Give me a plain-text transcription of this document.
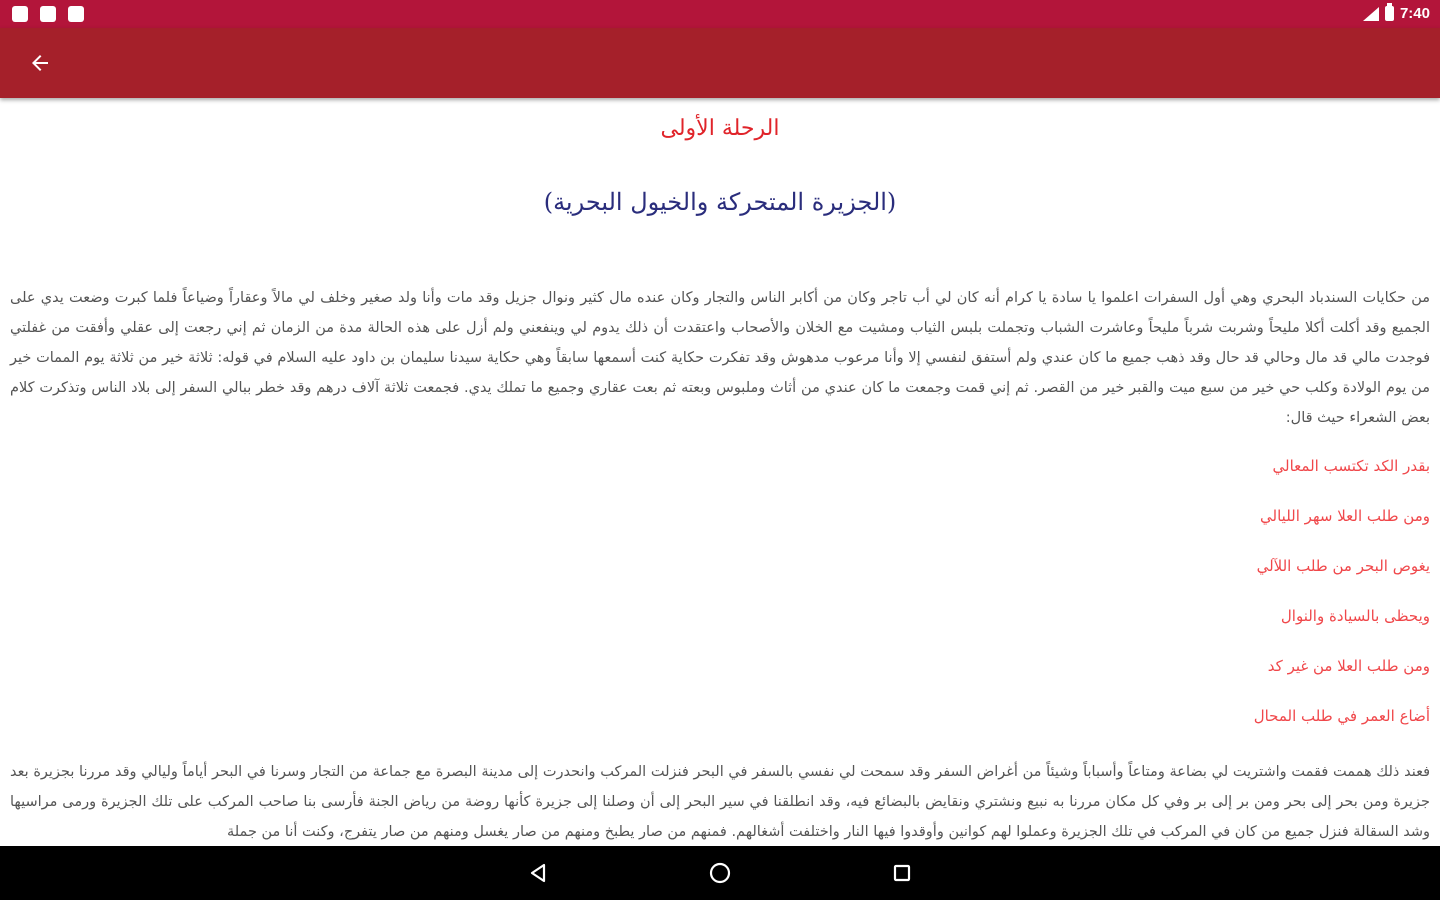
7:40
الرحلة الأولى
(الجزيرة المتحركة والخيول البحرية)
من حكايات السندباد البحري وهي أول السفرات اعلموا يا سادة يا كرام أنه كان لي أب تاجر وكان من أكابر الناس والتجار وكان عنده مال كثير ونوال جزيل وقد مات وأنا ولد صغير وخلف لي مالاً وعقاراً وضياعاً فلما كبرت وضعت يدي على الجميع وقد أكلت أكلا مليحاً وشربت شرباً مليحاً وعاشرت الشباب وتجملت بلبس الثياب ومشيت مع الخلان والأصحاب واعتقدت أن ذلك يدوم لي وينفعني ولم أزل على هذه الحالة مدة من الزمان ثم إني رجعت إلى عقلي وأفقت من غفلتي فوجدت مالي قد مال وحالي قد حال وقد ذهب جميع ما كان عندي ولم أستفق لنفسي إلا وأنا مرعوب مدهوش وقد تفكرت حكاية كنت أسمعها سابقاً وهي حكاية سيدنا سليمان بن داود عليه السلام في قوله: ثلاثة خير من ثلاثة يوم الممات خير من يوم الولادة وكلب حي خير من سبع ميت والقبر خير من القصر. ثم إني قمت وجمعت ما كان عندي من أثاث وملبوس وبعته ثم بعت عقاري وجميع ما تملك يدي. فجمعت ثلاثة آلاف درهم وقد خطر ببالي السفر إلى بلاد الناس وتذكرت كلام بعض الشعراء حيث قال:
بقدر الكد تكتسب المعالي
ومن طلب العلا سهر الليالي
يغوص البحر من طلب اللآلي
ويحظى بالسيادة والنوال
ومن طلب العلا من غير كد
أضاع العمر في طلب المحال
فعند ذلك هممت فقمت واشتريت لي بضاعة ومتاعاً وأسباباً وشيئاً من أغراض السفر وقد سمحت لي نفسي بالسفر في البحر فنزلت المركب وانحدرت إلى مدينة البصرة مع جماعة من التجار وسرنا في البحر أياماً وليالي وقد مررنا بجزيرة بعد جزيرة ومن بحر إلى بحر ومن بر إلى بر وفي كل مكان مررنا به نبيع ونشتري ونقايض بالبضائع فيه، وقد انطلقنا في سير البحر إلى أن وصلنا إلى جزيرة كأنها روضة من رياض الجنة فأرسى بنا صاحب المركب على تلك الجزيرة ورمى مراسيها وشد السقالة فنزل جميع من كان في المركب في تلك الجزيرة وعملوا لهم كوانين وأوقدوا فيها النار واختلفت أشغالهم. فمنهم من صار يطبخ ومنهم من صار يغسل ومنهم من صار يتفرج، وكنت أنا من جملة
